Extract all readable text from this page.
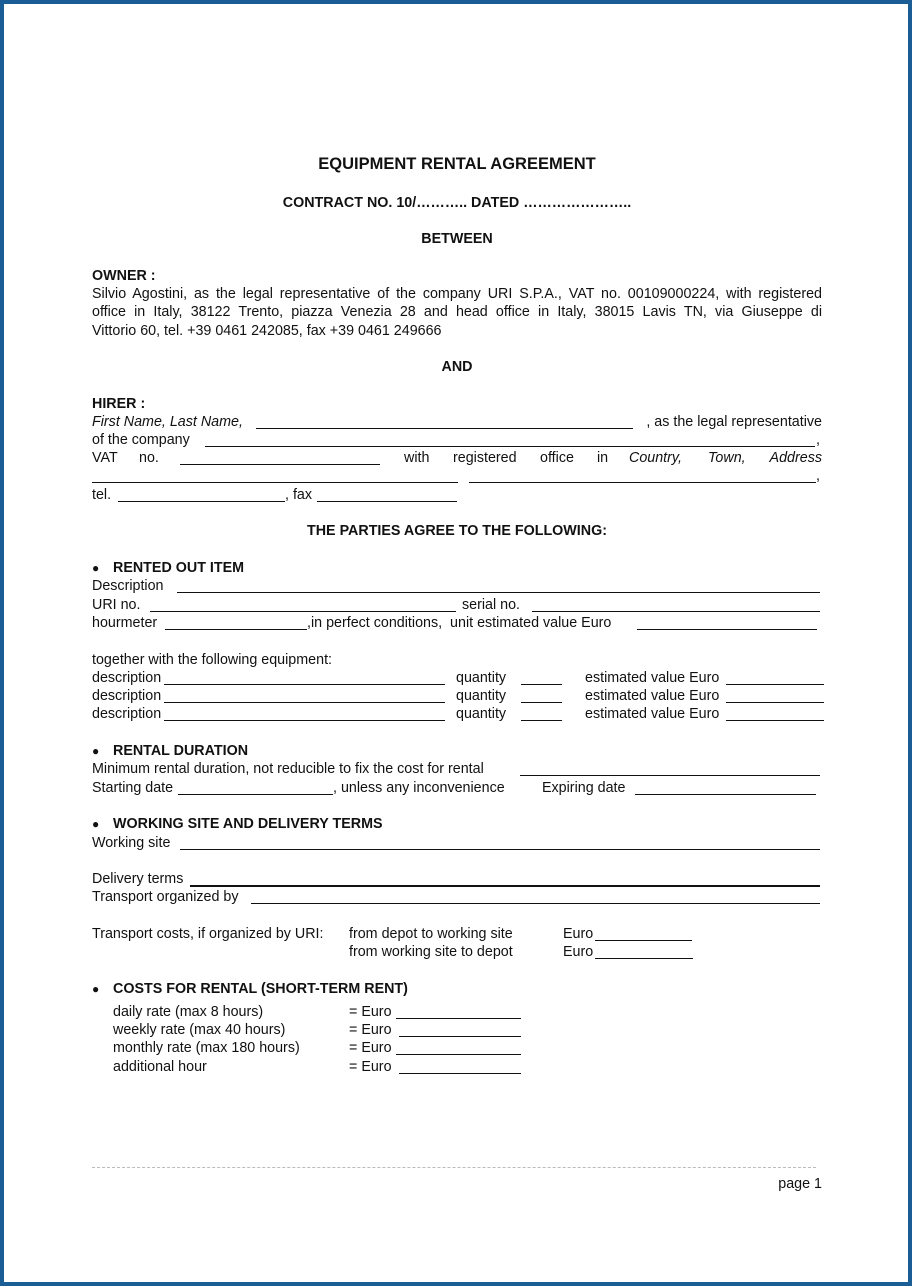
EQUIPMENT RENTAL AGREEMENT
CONTRACT NO. 10/……….. DATED …………………..
BETWEEN
OWNER :
Silvio Agostini, as the legal representative of the company URI S.P.A., VAT no. 00109000224, with registered
office in Italy, 38122 Trento, piazza Venezia 28 and head office in Italy, 38015 Lavis TN, via Giuseppe di
Vittorio 60, tel. +39 0461 242085, fax +39 0461 249666
AND
HIRER :
First Name, Last Name,	, as the legal representative
of the company	,
VAT no.	with registered office in Country, Town, Address
,
tel.	, fax
THE PARTIES AGREE TO THE FOLLOWING:
● RENTED OUT ITEM
Description
URI no.	serial no.
hourmeter	,in perfect conditions,  unit estimated value Euro
together with the following equipment:
description	quantity	estimated value Euro
description	quantity	estimated value Euro
description	quantity	estimated value Euro
● RENTAL DURATION
Minimum rental duration, not reducible to fix the cost for rental
Starting date	, unless any inconvenience	Expiring date
● WORKING SITE AND DELIVERY TERMS
Working site
Delivery terms
Transport organized by
Transport costs, if organized by URI: from depot to working site	Euro
from working site to depot	Euro
● COSTS FOR RENTAL (SHORT-TERM RENT)
daily rate (max 8 hours)	= Euro
weekly rate (max 40 hours)	= Euro
monthly rate (max 180 hours)	= Euro
additional hour	= Euro
page 1
